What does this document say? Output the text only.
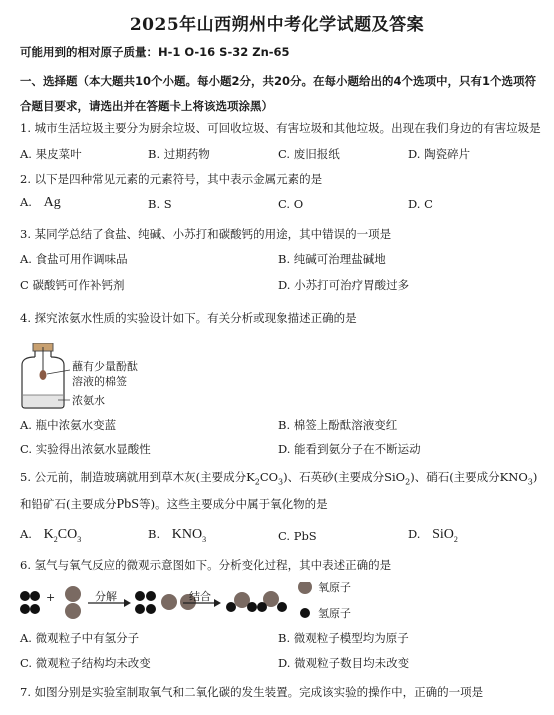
2025年山西朔州中考化学试题及答案
可能用到的相对原子质量：H-1 O-16 S-32 Zn-65
一、选择题（本大题共10个小题。每小题2分，共20分。在每小题给出的4个选项中，只有1个选项符合题目要求，请选出并在答题卡上将该选项涂黑）
1. 城市生活垃圾主要分为厨余垃圾、可回收垃圾、有害垃圾和其他垃圾。出现在我们身边的有害垃圾是
A. 果皮菜叶	B. 过期药物	C. 废旧报纸	D. 陶瓷碎片
2. 以下是四种常见元素的元素符号，其中表示金属元素的是
A. Ag	B. S	C. O	D. C
3. 某同学总结了食盐、纯碱、小苏打和碳酸钙的用途，其中错误的一项是
A. 食盐可用作调味品	B. 纯碱可治理盐碱地
C 碳酸钙可作补钙剂	D. 小苏打可治疗胃酸过多
4. 探究浓氨水性质的实验设计如下。有关分析或现象描述正确的是
蘸有少量酚酞
溶液的棉签
浓氨水
A. 瓶中浓氨水变蓝	B. 棉签上酚酞溶液变红
C. 实验得出浓氨水显酸性	D. 能看到氨分子在不断运动
5. 公元前，制造玻璃就用到草木灰(主要成分$K_2CO_3$)、石英砂(主要成分SiO$_2$)、硝石(主要成分$KNO_3$)
和铅矿石(主要成分PbS等)。这些主要成分中属于氧化物的是
A. $K_2CO_3$	B. $KNO_3$	C. PbS	D. SiO$_2$
6. 氢气与氧气反应的微观示意图如下。分析变化过程，其中表述正确的是
+	分解	结合
氧原子
氢原子
A. 微观粒子中有氢分子	B. 微观粒子模型均为原子
C. 微观粒子结构均未改变	D. 微观粒子数目均未改变
7. 如图分别是实验室制取氧气和二氧化碳的发生装置。完成该实验的操作中，正确的一项是
